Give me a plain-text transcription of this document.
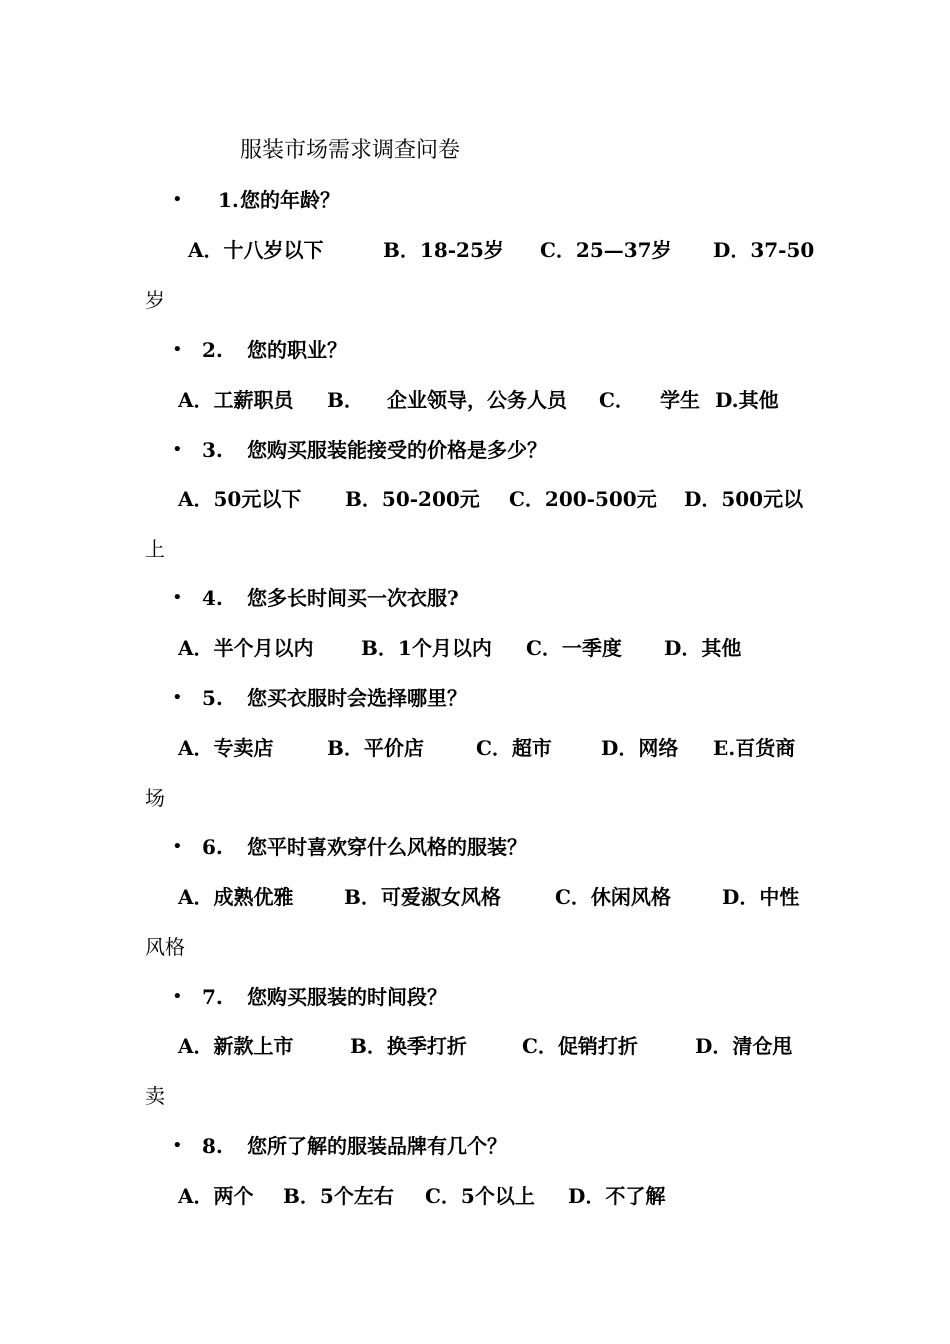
服装市场需求调查问卷
• 1. 您的年龄？
A．十八岁以下	B．18-25岁 C．25—37岁 D．37-50
岁
• 2. 您的职业？
A．工薪职员 B． 企业领导，公务人员 C． 学生 D.其他
• 3. 您购买服装能接受的价格是多少？
A．50元以下 B．50-200元 C．200-500元 D．500元以
上
• 4. 您多长时间买一次衣服?
A．半个月以内 B．1个月以内 C．一季度 D．其他
• 5. 您买衣服时会选择哪里？
A．专卖店	B．平价店	C．超市 D．网络 E.百货商
场
• 6. 您平时喜欢穿什么风格的服装？
A．成熟优雅	B．可爱淑女风格	C．休闲风格	D．中性
风格
• 7. 您购买服装的时间段？
A．新款上市	B．换季打折	C．促销打折	D．清仓甩
卖
• 8. 您所了解的服装品牌有几个？
A．两个 B．5个左右 C．5个以上 D．不了解
